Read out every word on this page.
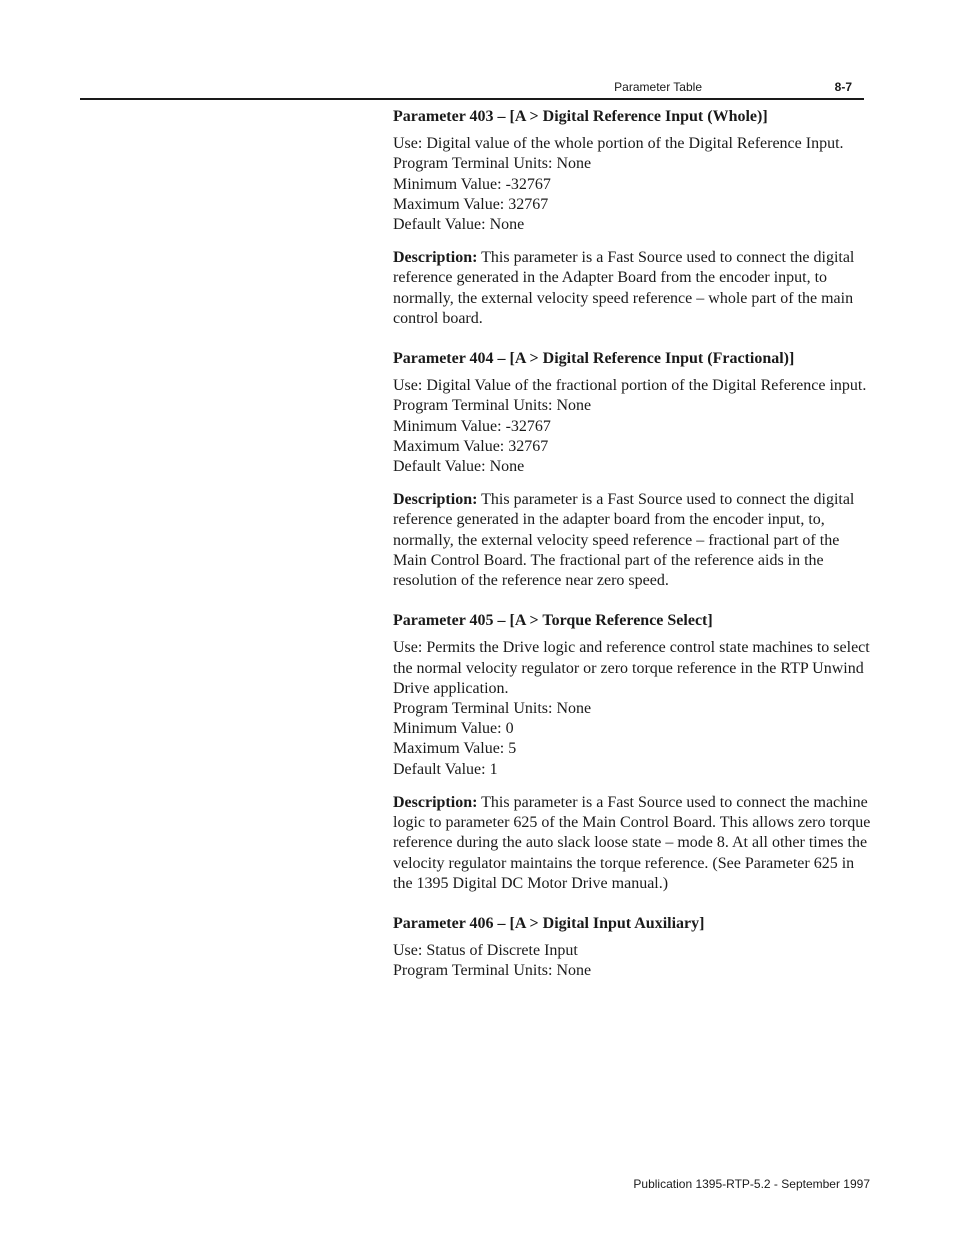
Parameter Table	8-7
Parameter 403 – [A > Digital Reference Input (Whole)]
Use: Digital value of the whole portion of the Digital Reference Input.
Program Terminal Units: None
Minimum Value: -32767
Maximum Value: 32767
Default Value: None

Description: This parameter is a Fast Source used to connect the digital reference generated in the Adapter Board from the encoder input, to normally, the external velocity speed reference – whole part of the main control board.

Parameter 404 – [A > Digital Reference Input (Fractional)]
Use: Digital Value of the fractional portion of the Digital Reference input.
Program Terminal Units: None
Minimum Value: -32767
Maximum Value: 32767
Default Value: None

Description: This parameter is a Fast Source used to connect the digital reference generated in the adapter board from the encoder input, to, normally, the external velocity speed reference – fractional part of the Main Control Board. The fractional part of the reference aids in the resolution of the reference near zero speed.

Parameter 405 – [A > Torque Reference Select]
Use: Permits the Drive logic and reference control state machines to select the normal velocity regulator or zero torque reference in the RTP Unwind Drive application.
Program Terminal Units: None
Minimum Value: 0
Maximum Value: 5
Default Value: 1

Description: This parameter is a Fast Source used to connect the machine logic to parameter 625 of the Main Control Board. This allows zero torque reference during the auto slack loose state – mode 8. At all other times the velocity regulator maintains the torque reference. (See Parameter 625 in the 1395 Digital DC Motor Drive manual.)

Parameter 406 – [A > Digital Input Auxiliary]
Use: Status of Discrete Input
Program Terminal Units: None
Publication 1395-RTP-5.2 - September 1997
